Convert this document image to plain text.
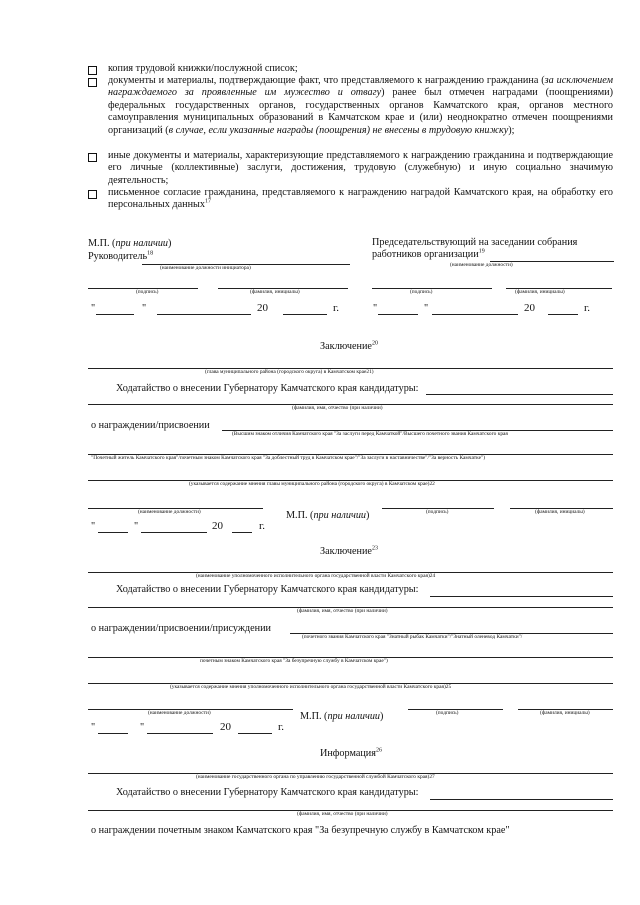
копия трудовой книжки/послужной список;
документы и материалы, подтверждающие факт, что представляемого к награждению гражданина (за исключением награждаемого за проявленные им мужество и отвагу) ранее был отмечен наградами (поощрениями) федеральных государственных органов, государственных органов Камчатского края, органов местного самоуправления муниципальных образований в Камчатском крае и (или) неоднократно отмечен поощрениями организаций (в случае, если указанные награды (поощрения) не внесены в трудовую книжку);
иные документы и материалы, характеризующие представляемого к награждению гражданина и подтверждающие его личные (коллективные) заслуги, достижения, трудовую (служебную) и иную социально значимую деятельность;
письменное согласие гражданина, представляемого к награждению наградой Камчатского края, на обработку его персональных данных$^{17}$
М.П. (при наличии)
Руководитель$^{18}$
(наименование должности инициатора)
Председательствующий на заседании собрания
работников организации$^{19}$
(наименование должности)
(подпись)	(фамилия, инициалы)	(подпись)	(фамилия, инициалы)
"	"	20	г.	"	"	20	г.
Заключение$^{20}$
(глава муниципального района (городского округа) в Камчатском крае21)
Ходатайство о внесении Губернатору Камчатского края кандидатуры:
(фамилия, имя, отчество (при наличии)
о награждении/присвоении
(Высшим знаком отличия Камчатского края "За заслуги перед Камчаткой"/Высшего почетного звания Камчатского края
"Почетный житель Камчатского края"/почетным знаком Камчатского края "За доблестный труд в Камчатском крае"/"За заслуги в наставничестве"/"За верность Камчатке")
(указывается содержание мнения главы муниципального района (городского округа) в Камчатском крае)22
(наименование должности)	(подпись)	(фамилия, инициалы)
М.П. (при наличии)
"	"	20	г.
Заключение$^{23}$
(наименование уполномоченного исполнительного органа государственной власти Камчатского края)24
Ходатайство о внесении Губернатору Камчатского края кандидатуры:
(фамилия, имя, отчество (при наличии)
о награждении/присвоении/присуждении
(почетного звания Камчатского края "Знатный рыбак Камчатки"/"Знатный оленевод Камчатки"/
почетным знаком Камчатского края "За безупречную службу в Камчатском крае")
(указывается содержание мнения уполномоченного исполнительного органа государственной власти Камчатского края)25
(наименование должности)	(подпись)	(фамилия, инициалы)
М.П. (при наличии)
"	"	20	г.
Информация$^{26}$
(наименование государственного органа по управлению государственной службой Камчатского края)27
Ходатайство о внесении Губернатору Камчатского края кандидатуры:
(фамилия, имя, отчество (при наличии)
о награждении почетным знаком Камчатского края "За безупречную службу в Камчатском крае"
